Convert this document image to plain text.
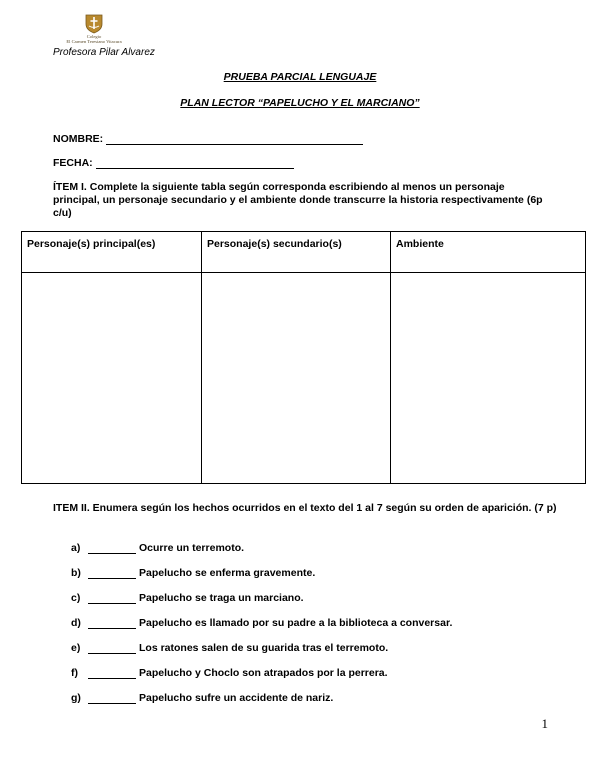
Colegio
El Carmen Teresiano Vitacura
Profesora Pilar Alvarez
PRUEBA PARCIAL LENGUAJE
PLAN LECTOR “PAPELUCHO Y EL MARCIANO”
NOMBRE:
FECHA:
ÍTEM I. Complete la siguiente tabla según corresponda escribiendo al menos un personaje principal, un personaje secundario y el ambiente donde transcurre la historia respectivamente (6p c/u)
Personaje(s) principal(es)	Personaje(s) secundario(s)	Ambiente

ITEM II. Enumera según los hechos ocurridos en el texto del 1 al 7 según su orden de aparición. (7 p)
a)	Ocurre un terremoto.
b)	Papelucho se enferma gravemente.
c)	Papelucho se traga un marciano.
d)	Papelucho es llamado por su padre a la biblioteca a conversar.
e)	Los ratones salen de su guarida tras el terremoto.
f)	Papelucho y Choclo son atrapados por la perrera.
g)	Papelucho sufre un accidente de nariz.
1
